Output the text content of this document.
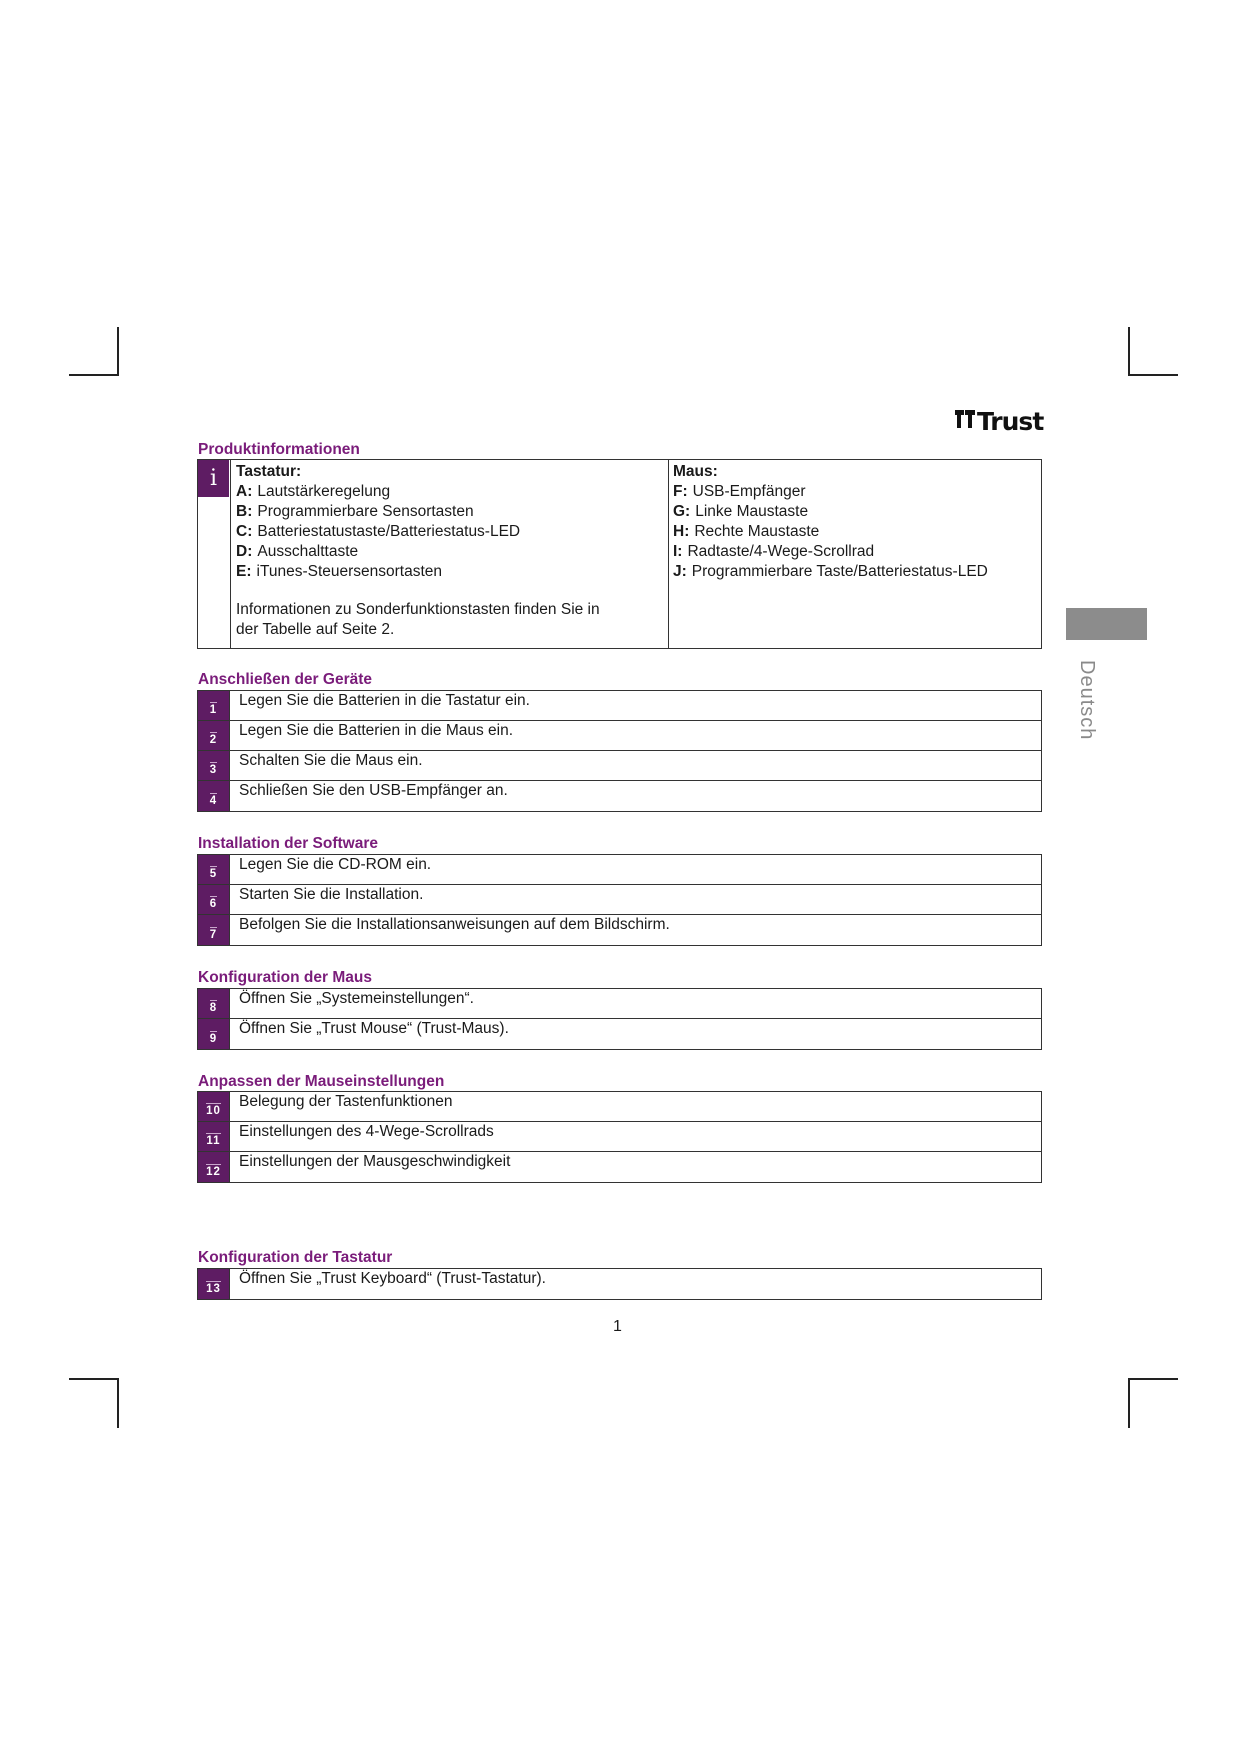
Trust
Deutsch
Produktinformationen
i	Tastatur:
A: Lautstärkeregelung
B: Programmierbare Sensortasten
C: Batteriestatustaste/Batteriestatus-LED
D: Ausschalttaste
E: iTunes-Steuersensortasten
Informationen zu Sonderfunktionstasten finden Sie in
der Tabelle auf Seite 2.
Maus:
F: USB-Empfänger
G: Linke Maustaste
H: Rechte Maustaste
I: Radtaste/4-Wege-Scrollrad
J: Programmierbare Taste/Batteriestatus-LED
Anschließen der Geräte
1
Legen Sie die Batterien in die Tastatur ein.
2
Legen Sie die Batterien in die Maus ein.
3
Schalten Sie die Maus ein.
4
Schließen Sie den USB-Empfänger an.
Installation der Software
5
Legen Sie die CD-ROM ein.
6
Starten Sie die Installation.
7
Befolgen Sie die Installationsanweisungen auf dem Bildschirm.
Konfiguration der Maus
8
Öffnen Sie „Systemeinstellungen“.
9
Öffnen Sie „Trust Mouse“ (Trust-Maus).
Anpassen der Mauseinstellungen
10
Belegung der Tastenfunktionen
11
Einstellungen des 4-Wege-Scrollrads
12
Einstellungen der Mausgeschwindigkeit
Konfiguration der Tastatur
13
Öffnen Sie „Trust Keyboard“ (Trust-Tastatur).
1
